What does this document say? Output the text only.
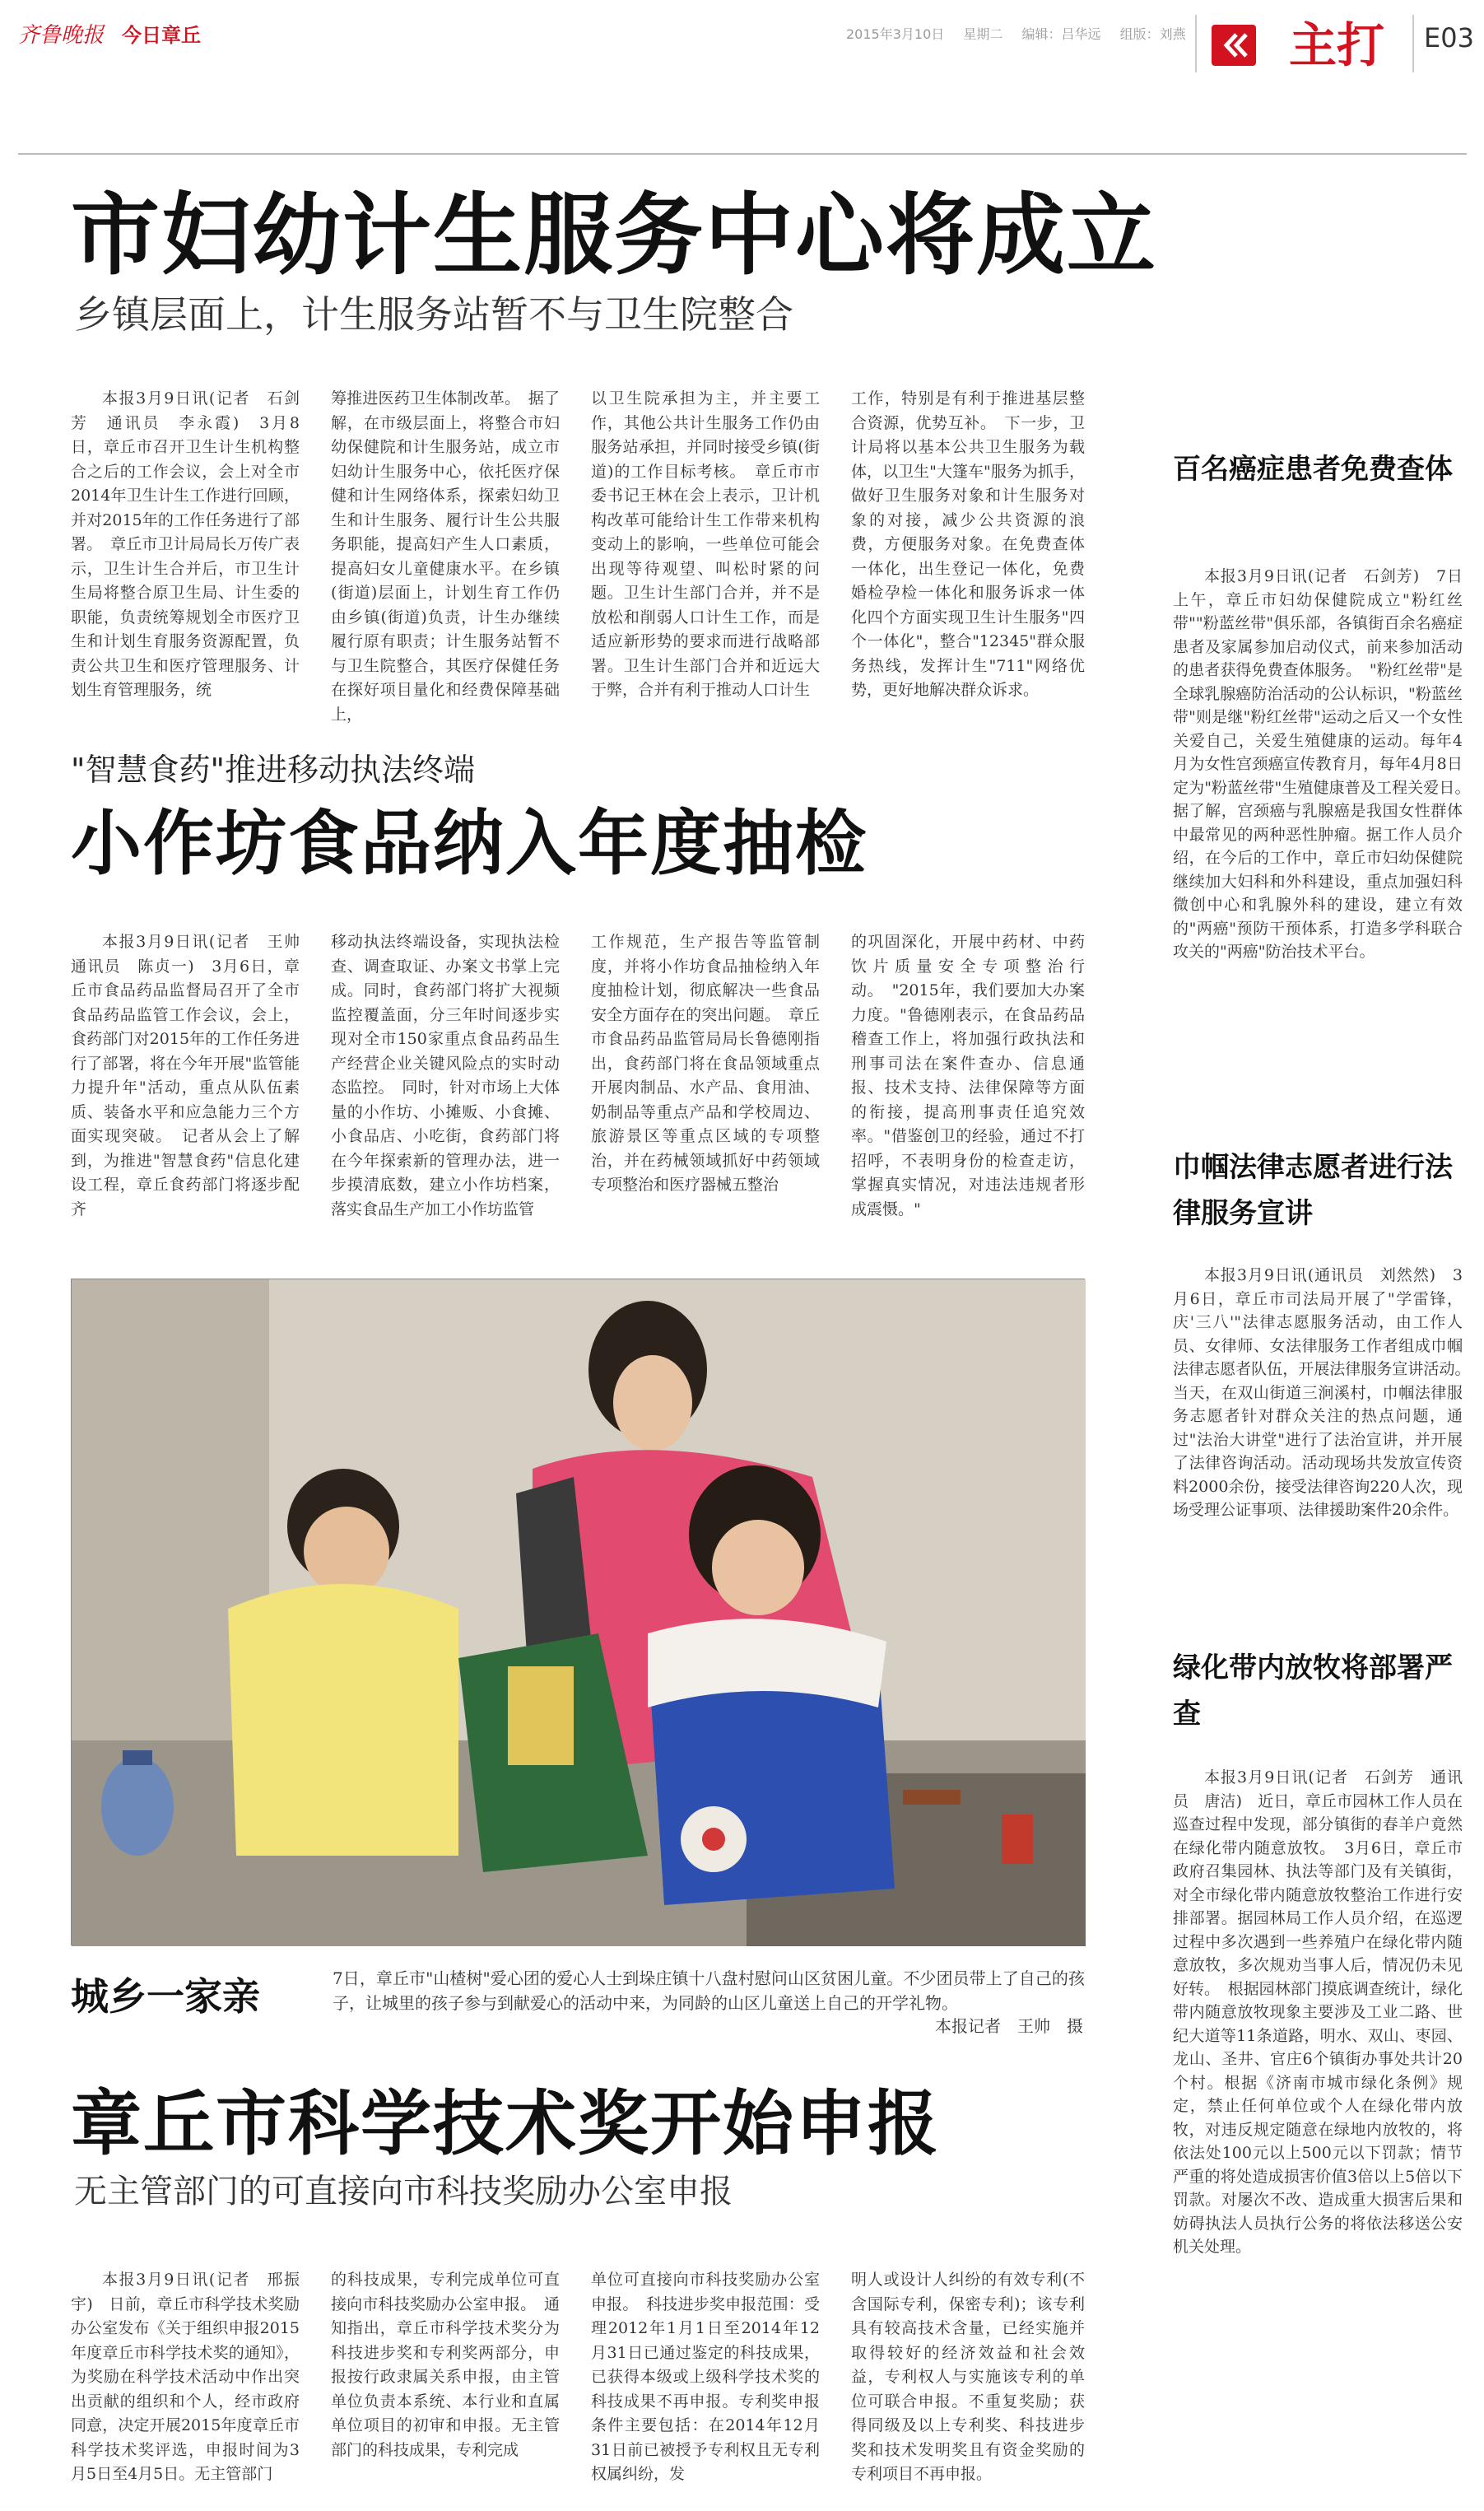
齐鲁晚报 今日章丘	2015年3月10日 星期二 编辑：吕华远 组版：刘燕	主打 E03
市妇幼计生服务中心将成立
乡镇层面上，计生服务站暂不与卫生院整合

本报3月9日讯(记者　石剑芳　通讯员　李永霞)　3月8日，章丘市召开卫生计生机构整合之后的工作会议，会上对全市2014年卫生计生工作进行回顾，并对2015年的工作任务进行了部署。　章丘市卫计局局长万传广表示，卫生计生合并后，市卫生计生局将整合原卫生局、计生委的职能，负责统筹规划全市医疗卫生和计划生育服务资源配置，负责公共卫生和医疗管理服务、计划生育管理服务，统

筹推进医药卫生体制改革。　据了解，在市级层面上，将整合市妇幼保健院和计生服务站，成立市妇幼计生服务中心，依托医疗保健和计生网络体系，探索妇幼卫生和计生服务、履行计生公共服务职能，提高妇产生人口素质，提高妇女儿童健康水平。在乡镇(街道)层面上，计划生育工作仍由乡镇(街道)负责，计生办继续履行原有职责；计生服务站暂不与卫生院整合，其医疗保健任务在探好项目量化和经费保障基础上，

以卫生院承担为主，并主要工作，其他公共计生服务工作仍由服务站承担，并同时接受乡镇(街道)的工作目标考核。　章丘市市委书记王林在会上表示，卫计机构改革可能给计生工作带来机构变动上的影响，一些单位可能会出现等待观望、叫松时紧的问题。卫生计生部门合并，并不是放松和削弱人口计生工作，而是适应新形势的要求而进行战略部署。卫生计生部门合并和近远大于弊，合并有利于推动人口计生

工作，特别是有利于推进基层整合资源，优势互补。　下一步，卫计局将以基本公共卫生服务为载体，以卫生"大篷车"服务为抓手，做好卫生服务对象和计生服务对象的对接，减少公共资源的浪费，方便服务对象。在免费查体一体化，出生登记一体化，免费婚检孕检一体化和服务诉求一体化四个方面实现卫生计生服务"四个一体化"，整合"12345"群众服务热线，发挥计生"711"网络优势，更好地解决群众诉求。

"智慧食药"推进移动执法终端
小作坊食品纳入年度抽检

本报3月9日讯(记者　王帅　通讯员　陈贞一)　3月6日，章丘市食品药品监督局召开了全市食品药品监管工作会议，会上，食药部门对2015年的工作任务进行了部署，将在今年开展"监管能力提升年"活动，重点从队伍素质、装备水平和应急能力三个方面实现突破。　记者从会上了解到，为推进"智慧食药"信息化建设工程，章丘食药部门将逐步配齐

移动执法终端设备，实现执法检查、调查取证、办案文书掌上完成。同时，食药部门将扩大视频监控覆盖面，分三年时间逐步实现对全市150家重点食品药品生产经营企业关键风险点的实时动态监控。　同时，针对市场上大体量的小作坊、小摊贩、小食摊、小食品店、小吃街，食药部门将在今年探索新的管理办法，进一步摸清底数，建立小作坊档案，落实食品生产加工小作坊监管

工作规范，生产报告等监管制度，并将小作坊食品抽检纳入年度抽检计划，彻底解决一些食品安全方面存在的突出问题。　章丘市食品药品监管局局长鲁德刚指出，食药部门将在食品领域重点开展肉制品、水产品、食用油、奶制品等重点产品和学校周边、旅游景区等重点区域的专项整治，并在药械领域抓好中药领域专项整治和医疗器械五整治

的巩固深化，开展中药材、中药饮片质量安全专项整治行动。　"2015年，我们要加大办案力度。"鲁德刚表示，在食品药品稽查工作上，将加强行政执法和刑事司法在案件查办、信息通报、技术支持、法律保障等方面的衔接，提高刑事责任追究效率。"借鉴创卫的经验，通过不打招呼，不表明身份的检查走访，掌握真实情况，对违法违规者形成震慑。"

城乡一家亲	7日，章丘市"山楂树"爱心团的爱心人士到垛庄镇十八盘村慰问山区贫困儿童。不少团员带上了自己的孩子，让城里的孩子参与到献爱心的活动中来，为同龄的山区儿童送上自己的开学礼物。
本报记者　王帅　摄
章丘市科学技术奖开始申报
无主管部门的可直接向市科技奖励办公室申报

本报3月9日讯(记者　邢振宇)　日前，章丘市科学技术奖励办公室发布《关于组织申报2015年度章丘市科学技术奖的通知》，为奖励在科学技术活动中作出突出贡献的组织和个人，经市政府同意，决定开展2015年度章丘市科学技术奖评选，申报时间为3月5日至4月5日。无主管部门

的科技成果，专利完成单位可直接向市科技奖励办公室申报。　通知指出，章丘市科学技术奖分为科技进步奖和专利奖两部分，申报按行政隶属关系申报，由主管单位负责本系统、本行业和直属单位项目的初审和申报。无主管部门的科技成果，专利完成

单位可直接向市科技奖励办公室申报。　科技进步奖申报范围：受理2012年1月1日至2014年12月31日已通过鉴定的科技成果，已获得本级或上级科学技术奖的科技成果不再申报。专利奖申报条件主要包括：在2014年12月31日前已被授予专利权且无专利权属纠纷，发

明人或设计人纠纷的有效专利(不含国际专利，保密专利)；该专利具有较高技术含量，已经实施并取得较好的经济效益和社会效益，专利权人与实施该专利的单位可联合申报。不重复奖励；获得同级及以上专利奖、科技进步奖和技术发明奖且有资金奖励的专利项目不再申报。

百名癌症患者免费查体

本报3月9日讯(记者　石剑芳)　7日上午，章丘市妇幼保健院成立"粉红丝带""粉蓝丝带"俱乐部，各镇街百余名癌症患者及家属参加启动仪式，前来参加活动的患者获得免费查体服务。　"粉红丝带"是全球乳腺癌防治活动的公认标识，"粉蓝丝带"则是继"粉红丝带"运动之后又一个女性关爱自己，关爱生殖健康的运动。每年4月为女性宫颈癌宣传教育月，每年4月8日定为"粉蓝丝带"生殖健康普及工程关爱日。　据了解，宫颈癌与乳腺癌是我国女性群体中最常见的两种恶性肿瘤。据工作人员介绍，在今后的工作中，章丘市妇幼保健院继续加大妇科和外科建设，重点加强妇科微创中心和乳腺外科的建设，建立有效的"两癌"预防干预体系，打造多学科联合攻关的"两癌"防治技术平台。

巾帼法律志愿者进行法律服务宣讲

本报3月9日讯(通讯员　刘然然)　3月6日，章丘市司法局开展了"学雷锋，庆'三八'"法律志愿服务活动，由工作人员、女律师、女法律服务工作者组成巾帼法律志愿者队伍，开展法律服务宣讲活动。　当天，在双山街道三涧溪村，巾帼法律服务志愿者针对群众关注的热点问题，通过"法治大讲堂"进行了法治宣讲，并开展了法律咨询活动。活动现场共发放宣传资料2000余份，接受法律咨询220人次，现场受理公证事项、法律援助案件20余件。

绿化带内放牧将部署严查

本报3月9日讯(记者　石剑芳　通讯员　唐洁)　近日，章丘市园林工作人员在巡查过程中发现，部分镇街的春羊户竟然在绿化带内随意放牧。　3月6日，章丘市政府召集园林、执法等部门及有关镇街，对全市绿化带内随意放牧整治工作进行安排部署。据园林局工作人员介绍，在巡逻过程中多次遇到一些养殖户在绿化带内随意放牧，多次规劝当事人后，情况仍未见好转。　根据园林部门摸底调查统计，绿化带内随意放牧现象主要涉及工业二路、世纪大道等11条道路，明水、双山、枣园、龙山、圣井、官庄6个镇街办事处共计20个村。根据《济南市城市绿化条例》规定，禁止任何单位或个人在绿化带内放牧，对违反规定随意在绿地内放牧的，将依法处100元以上500元以下罚款；情节严重的将处造成损害价值3倍以上5倍以下罚款。对屡次不改、造成重大损害后果和妨碍执法人员执行公务的将依法移送公安机关处理。
